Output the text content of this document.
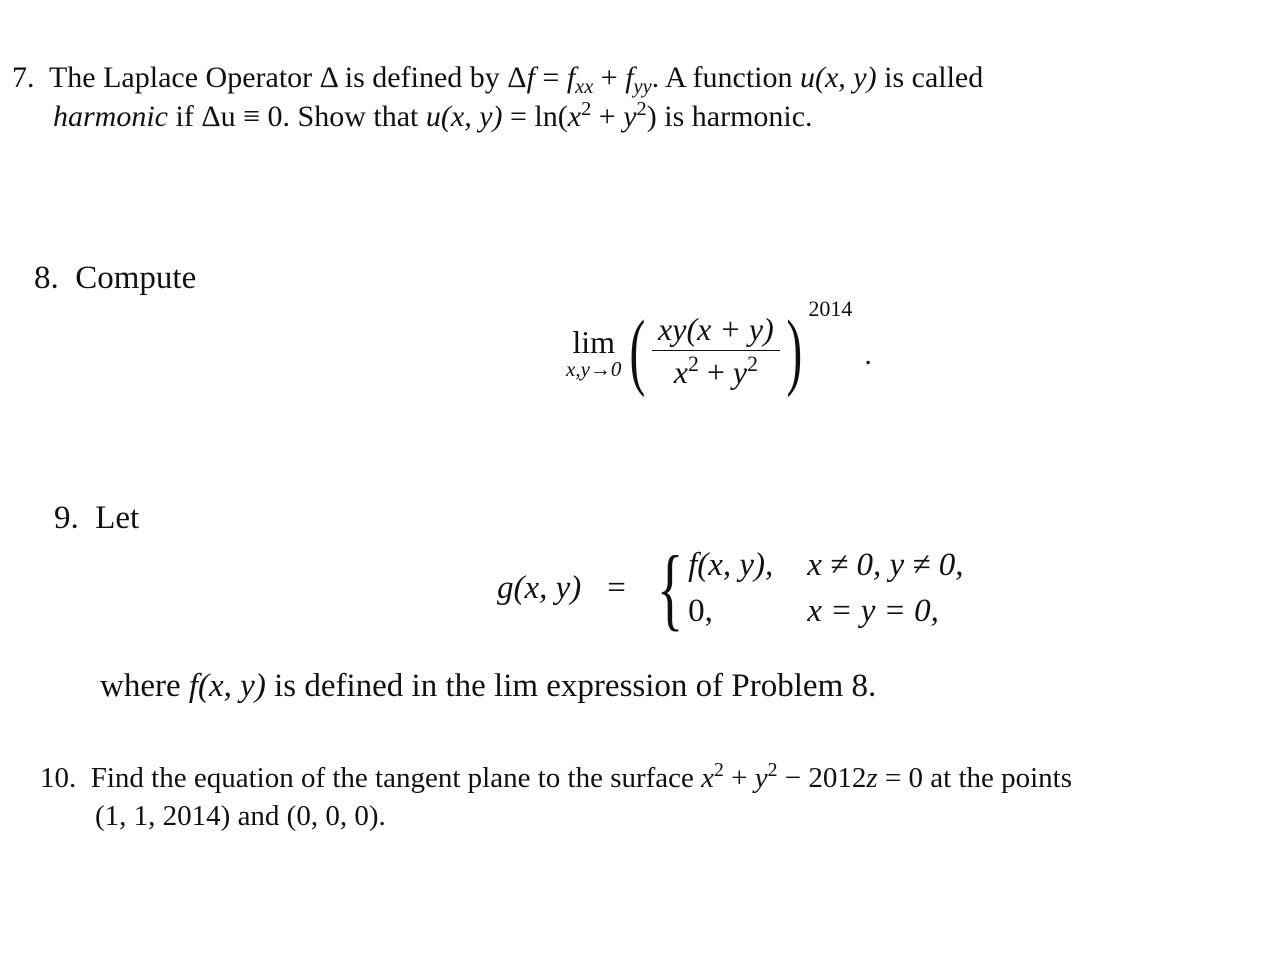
7. The Laplace Operator Δ is defined by $\Delta f = f_{xx} + f_{yy}$. A function u(x, y) is called
harmonic if Δu ≡ 0. Show that u(x, $y) = \ln(x^2 + y^2)$ is harmonic.
8. Compute
lim
x,y→0 ( $\frac{xy(x + y)}{x^2 + y^2}$ ) 2014
.
9. Let
g(x, y) = { f(x, y), x ≠ 0, y ≠ 0,
0,	x = y = 0,
where f(x, y) is defined in the lim expression of Problem 8.
10. Find the equation of the tangent plane to the surface $x^2 + y^2 - 2012z = 0$ at the points
(1, 1, 2014) and (0, 0, 0).
